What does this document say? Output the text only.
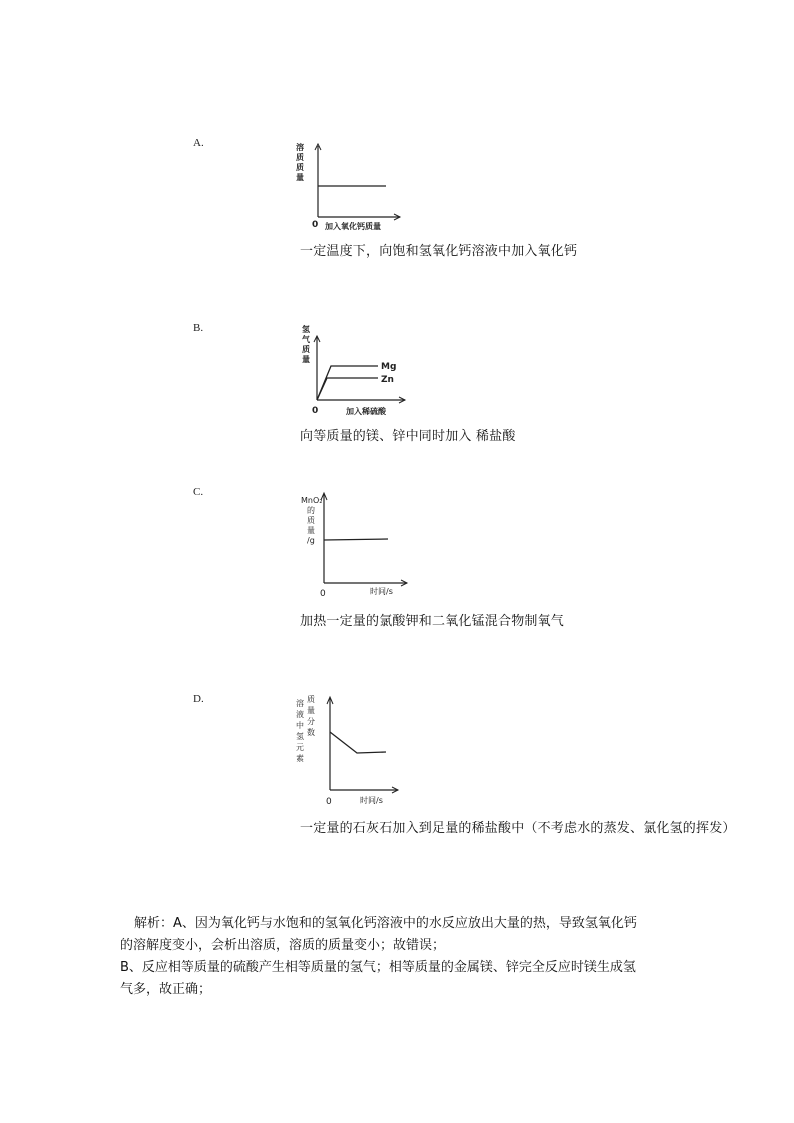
A.	溶
质
质
量
0 加入氧化钙质量
一定温度下，向饱和氢氧化钙溶液中加入氧化钙
B.	氢
气
质
量
Mg
Zn
0	加入稀硫酸
向等质量的镁、锌中同时加入 稀盐酸
C.
MnO₂
的
质
量
/g
0	时间/s
加热一定量的氯酸钾和二氧化锰混合物制氧气
D.	溶
液
中
氢
元
素
质
量
分
数
0	时间/s
一定量的石灰石加入到足量的稀盐酸中（不考虑水的蒸发、氯化氢的挥发）

解析：A、因为氧化钙与水饱和的氢氧化钙溶液中的水反应放出大量的热，导致氢氧化钙

的溶解度变小，会析出溶质，溶质的质量变小；故错误；

B、反应相等质量的硫酸产生相等质量的氢气；相等质量的金属镁、锌完全反应时镁生成氢

气多，故正确；
